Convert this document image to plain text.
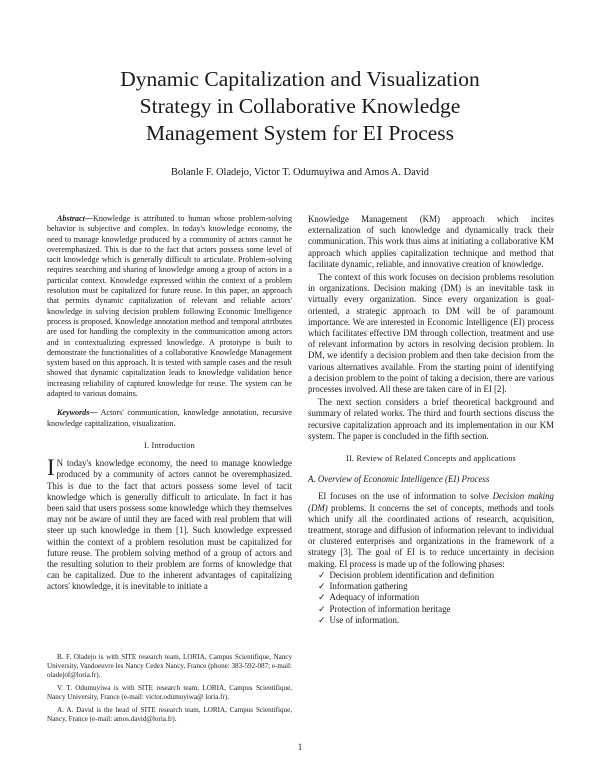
Dynamic Capitalization and Visualization
Strategy in Collaborative Knowledge
Management System for EI Process
Bolanle F. Oladejo, Victor T. Odumuyiwa and Amos A. David

Abstract—Knowledge is attributed to human whose problem-solving behavior is subjective and complex. In today's knowledge economy, the need to manage knowledge produced by a community of actors cannot be overemphasized. This is due to the fact that actors possess some level of tacit knowledge which is generally difficult to articulate. Problem-solving requires searching and sharing of knowledge among a group of actors in a particular context. Knowledge expressed within the context of a problem resolution must be capitalized for future reuse. In this paper, an approach that permits dynamic capitalization of relevant and reliable actors' knowledge in solving decision problem following Economic Intelligence process is proposed. Knowledge annotation method and temporal attributes are used for handling the complexity in the communication among actors and in contextualizing expressed knowledge. A prototype is built to demonstrate the functionalities of a collaborative Knowledge Management system based on this approach. It is tested with sample cases and the result showed that dynamic capitalization leads to knowledge validation hence increasing reliability of captured knowledge for reuse. The system can be adapted to various domains.

Keywords— Actors' communication, knowledge annotation, recursive knowledge capitalization, visualization.

I. Introduction

I N today's knowledge economy, the need to manage knowledge produced by a community of actors cannot be overemphasized. This is due to the fact that actors possess some level of tacit knowledge which is generally difficult to articulate. In fact it has been said that users possess some knowledge which they themselves may not be aware of until they are faced with real problem that will steer up such knowledge in them [1]. Such knowledge expressed within the context of a problem resolution must be capitalized for future reuse. The problem solving method of a group of actors and the resulting solution to their problem are forms of knowledge that can be capitalized. Due to the inherent advantages of capitalizing actors' knowledge, it is inevitable to initiate a

Knowledge Management (KM) approach which incites externalization of such knowledge and dynamically track their communication. This work thus aims at initiating a collaborative KM approach which applies capitalization technique and method that facilitate dynamic, reliable, and innovative creation of knowledge.

The context of this work focuses on decision problems resolution in organizations. Decision making (DM) is an inevitable task in virtually every organization. Since every organization is goal-oriented, a strategic approach to DM will be of paramount importance. We are interested in Economic Intelligence (EI) process which facilitates effective DM through collection, treatment and use of relevant information by actors in resolving decision problem. In DM, we identify a decision problem and then take decision from the various alternatives available. From the starting point of identifying a decision problem to the point of taking a decision, there are various processes involved. All these are taken care of in EI [2].

The next section considers a brief theoretical background and summary of related works. The third and fourth sections discuss the recursive capitalization approach and its implementation in our KM system. The paper is concluded in the fifth section.

II. Review of Related Concepts and applications
A. Overview of Economic Intelligence (EI) Process

EI focuses on the use of information to solve Decision making (DM) problems. It concerns the set of concepts, methods and tools which unify all the coordinated actions of research, acquisition, treatment, storage and diffusion of information relevant to individual or clustered enterprises and organizations in the framework of a strategy [3]. The goal of EI is to reduce uncertainty in decision making. EI process is made up of the following phases:

✓ Decision problem identification and definition
✓ Information gathering
✓ Adequacy of information
✓ Protection of information heritage
✓ Use of information.

B. F. Oladejo is with SITE research team, LORIA, Campus Scientifique, Nancy University, Vandoeuvre les Nancy Cedex Nancy, France (phone: 383-592-087; e-mail: oladejof@loria.fr).

V. T. Odumuyiwa is with SITE research team, LORIA, Campus Scientifique, Nancy University, France (e-mail: victor.odumuyiwa@ loria.fr).

A. A. David is the head of SITE research team, LORIA, Campus Scientifique, Nancy, France (e-mail: amos.david@loria.fr).

1
